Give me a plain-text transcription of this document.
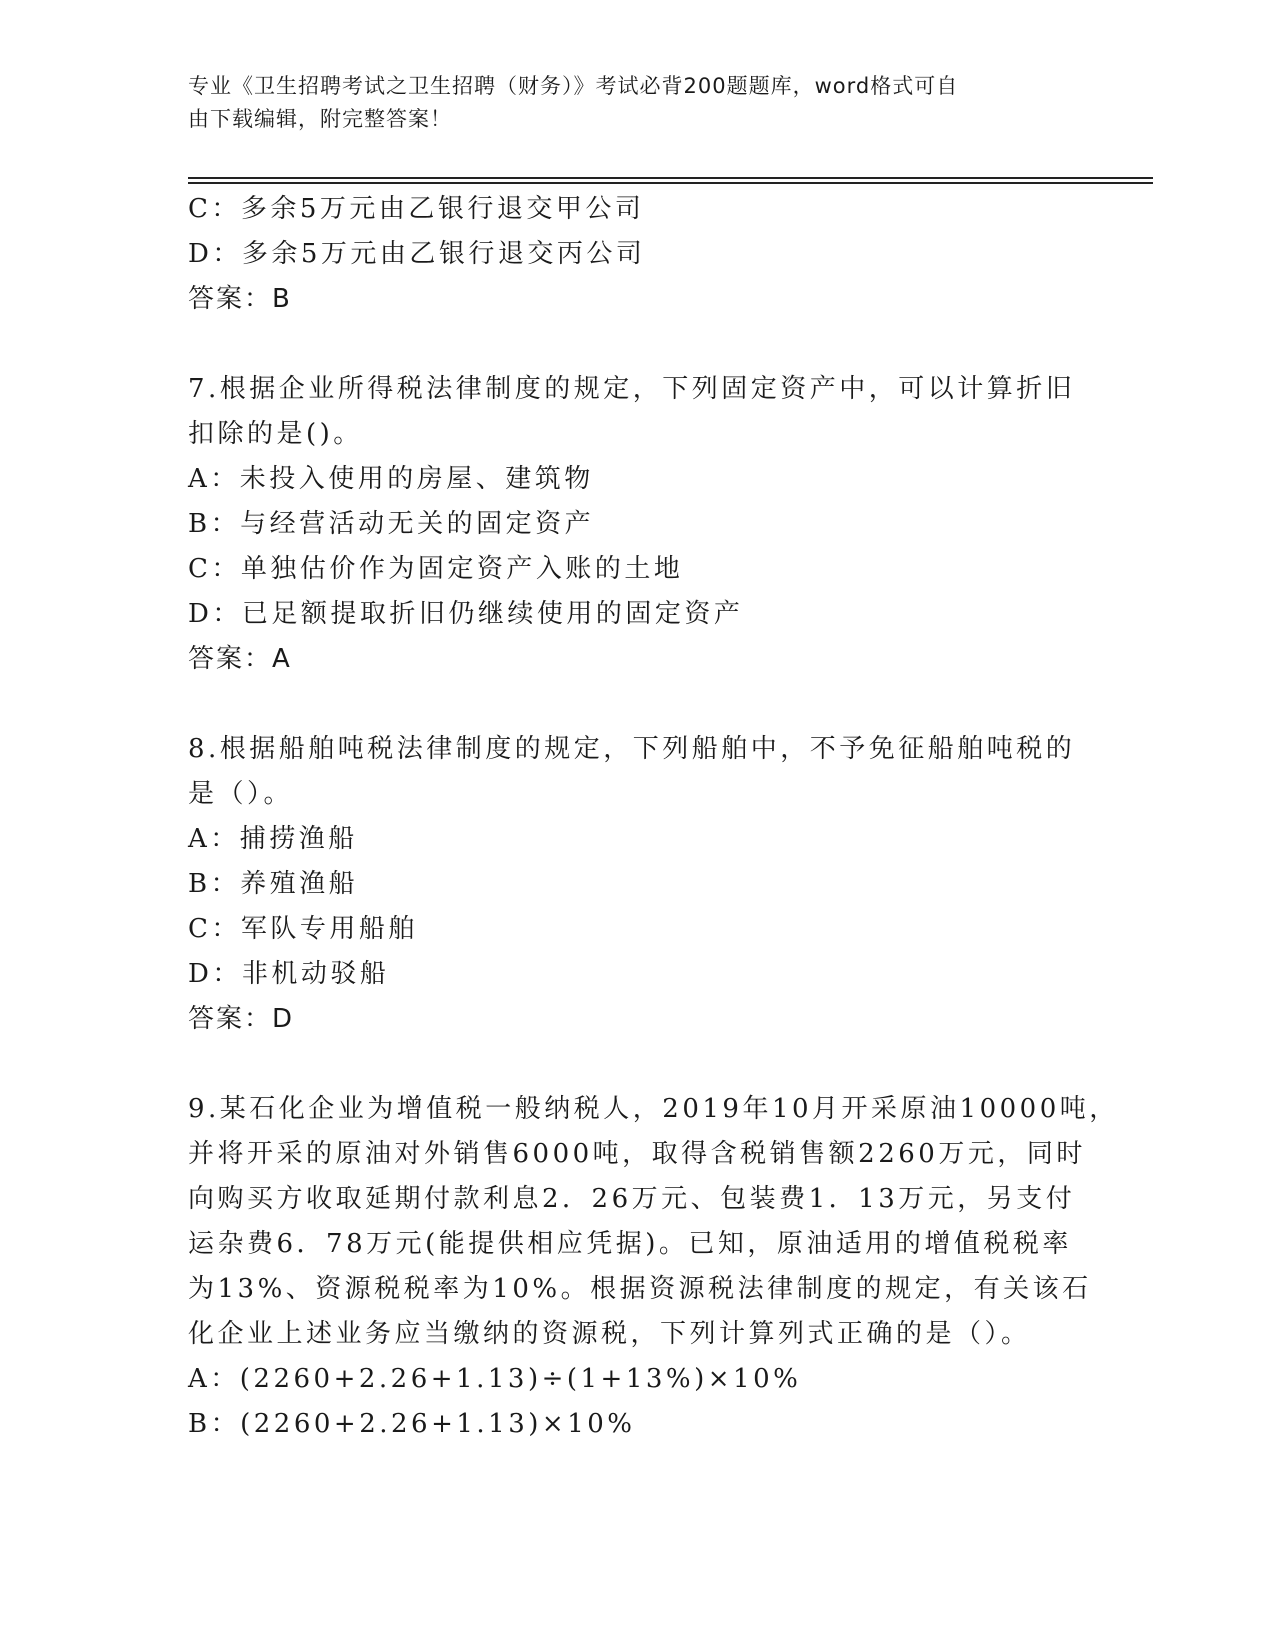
专业《卫生招聘考试之卫生招聘（财务）》考试必背200题题库，word格式可自
由下载编辑，附完整答案！
C：多余5万元由乙银行退交甲公司
D：多余5万元由乙银行退交丙公司
答案：B
7.根据企业所得税法律制度的规定，下列固定资产中，可以计算折旧
扣除的是()。
A：未投入使用的房屋、建筑物
B：与经营活动无关的固定资产
C：单独估价作为固定资产入账的土地
D：已足额提取折旧仍继续使用的固定资产
答案：A
8.根据船舶吨税法律制度的规定，下列船舶中，不予免征船舶吨税的
是（）。
A：捕捞渔船
B：养殖渔船
C：军队专用船舶
D：非机动驳船
答案：D
9.某石化企业为增值税一般纳税人，2019年10月开采原油10000吨，
并将开采的原油对外销售6000吨，取得含税销售额2260万元，同时
向购买方收取延期付款利息2．26万元、包装费1．13万元，另支付
运杂费6．78万元(能提供相应凭据)。已知，原油适用的增值税税率
为13%、资源税税率为10%。根据资源税法律制度的规定，有关该石
化企业上述业务应当缴纳的资源税，下列计算列式正确的是（）。
A：(2260+2.26+1.13)÷(1+13%)×10%
B：(2260+2.26+1.13)×10%
